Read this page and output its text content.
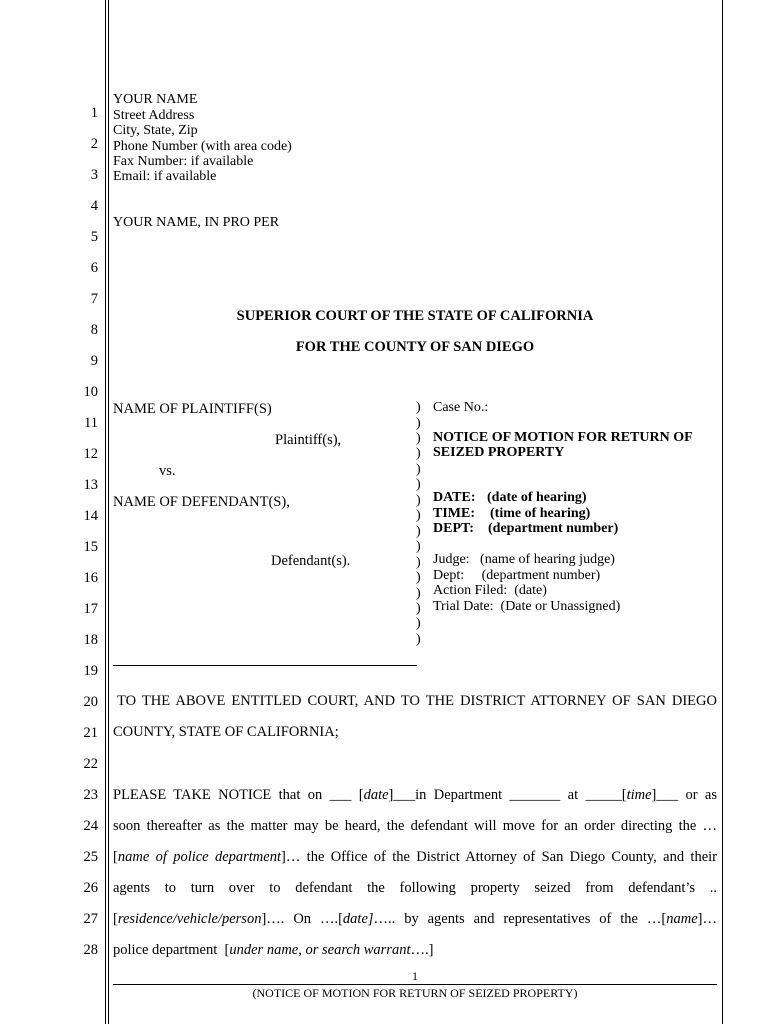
1
2
3
4
5
6
7
8
9
10
11
12
13
14
15
16
17
18
19
20
21
22
23
24
25
26
27
28
YOUR NAME
Street Address
City, State, Zip
Phone Number (with area code)
Fax Number: if available
Email: if available
YOUR NAME, IN PRO PER
SUPERIOR COURT OF THE STATE OF CALIFORNIA
FOR THE COUNTY OF SAN DIEGO
NAME OF PLAINTIFF(S)
Plaintiff(s),
vs.
NAME OF DEFENDANT(S),
Defendant(s).
)
)
)
)
)
)
)
)
)
)
)
)
)
)
)
)
Case No.:
NOTICE OF MOTION FOR RETURN OF
SEIZED PROPERTY
DATE: (date of hearing)
TIME: (time of hearing)
DEPT: (department number)
Judge:   (name of hearing judge)
Dept:     (department number)
Action Filed:  (date)
Trial Date:  (Date or Unassigned)
TO THE ABOVE ENTITLED COURT, AND TO THE DISTRICT ATTORNEY OF SAN DIEGO
COUNTY, STATE OF CALIFORNIA;
PLEASE TAKE NOTICE that on ___ [date]___in Department _______ at _____[time]___ or as
soon thereafter as the matter may be heard, the defendant will move for an order directing the …
[name of police department]… the Office of the District Attorney of San Diego County, and their
agents to turn over to defendant the following property seized from defendant’s ..
[residence/vehicle/person]…. On ….[date]….. by agents and representatives of the …[name]…
police department  [under name, or search warrant….]
1
(NOTICE OF MOTION FOR RETURN OF SEIZED PROPERTY)
